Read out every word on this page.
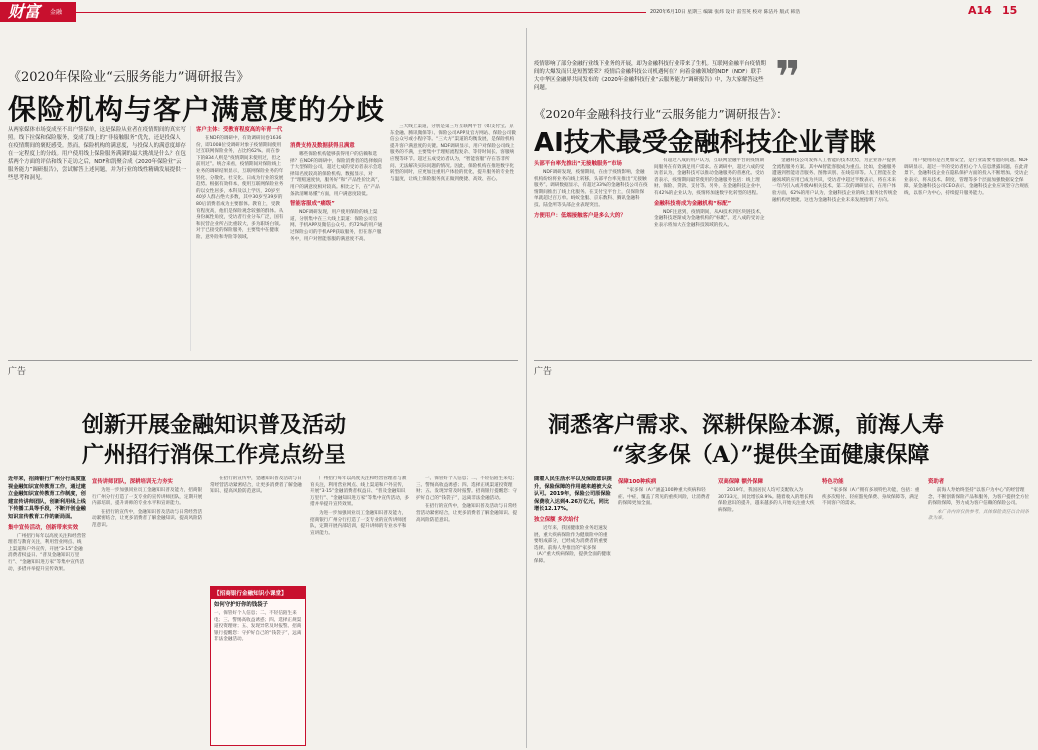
财富 金融	2020年6月10日 星期三 编辑 张炜 设计 雷雪英 校对 陈洁丹 版式 韩浩	A14 15
《2020年保险业“云服务能力”调研报告》
保险机构与客户满意度的分歧
从两家媒体市场变成至不出户签保单，这是保险从业者在疫情期间的真实写照。线下拉保和保险服务，变成了线上的“非接触服务”优先，还是投保人在疫情期间的褒贬感受。然而，保险机构的满意度，与投保人的满意度却存在一定程度上的分歧。用户使用线上保险服务满满的最大挑战是什么？在包括两个方面的评估和线下走访之后，NDF和凯聚合成《2020年保险业“云服务能力”调研报告》，尝试解答上述问题，并为行业的线性精确发展提供一些思考和洞见。
客户主体：受教育程度高的年青一代

在NDF的调研中，有效调研问卷1636份，即1008位受调研对象子疫情期间使用过互联网保险业务，占比约62%。而在参下的834人则是“疫情期间未使用过，但之前用过”。统合来看，疫情期间对保险线上业务的调研结果显示，互联网保险业务的年轻化、分散化、社交化、日成为行业的发展趋势。根据有效样本，使用互联网保险业务的以女性居多，本科及以上学历，20岁至40岁人群占绝大多数，其中30岁至39岁的80后消费者成为主要群体。教育上，受教育程度高，他们是保险观念较强的群体。从身份属性角度，受访者行业分布广泛，国有和民营企业所占比重较大，多为职场白领。对于已接受的保险服务，主要集中在健康险、意外险和寿险等领域。

消费支持及数据获得且满意

哪些保险机构能够获得用户的信赖和选择？在NDF的调研中，保险消费者的选择倾向于大型保险公司，超过七成的受访者表示会选择知名度较高的保险机构。数据显示，对于“理赔速度快，服务好”和“产品性价比高”，用户的满意度相对较高。相比之下，在“产品条款清晰易懂”方面，用户满意度较低。

智能客服成“痛级”

NDF调研发现，用户使用保险的线上渠道，分别集中在三大线上渠道：保险公司官网、手机APP及微信公众号。约72%的用户通过保险公司的手机APP获取服务，但在客户服务中，用户对智能客服的满意度不高。

三大线上渠道，分别是第三方互联网平台（如支付宝、京东金融、腾讯微保等）、保险公司APP及官方网站、保险公司微信公众号或小程序等。“三大方”渠道的均衡发展，是保险机构提升客户满意度的关键。NDF调研显示，用户对保险公司线上服务的不满，主要集中于理赔流程复杂、等待时间长、客服响应慢等环节。超过五成受访者认为，“智能客服”存在答非所问、无法解决实际问题的情况。因此，保险机构在推进数字化转型的同时，应更加注重用户体验的优化，提升服务的专业性与温度，让线上保险服务真正做到便捷、高效、省心。

❞
疫情影响了部分金融行业线下业务的开展，却为金融科技行业带来了生机。互联网金融平台疫情期间的大爆发而只是短暂繁荣？疫情后金融科技公司机遇何在？向着金融领域的NDF（NDF）联手大中华区金融界共同发布的《2020年金融科技行业“云服务能力”调研报告》中，为大家解答这些问题。
《2020年金融科技行业“云服务能力”调研报告》：
AI技术最受金融科技企业青睐
头部平台率先推出“无接触服务”市场

NDF调研发现，疫情期间，在由于疫情影响，金融机构纷纷将业务向线上转移，头部平台率先推出“无接触服务”。调研数据显示，有超过33%的金融科技公司在疫情期间推出了线上化服务。在支付宝平台上，仅保险保单就超过百万单。蚂蚁金服、京东数科、腾讯金融科技、陆金所等头部企业表现突出。

方便用户：低端接触客户是多么大的？

有超过八成的用户认为，互联网金融平台的疫情期间服务在有效满足用户需求。在调研中，超过六成的受访者认为，金融科技可以推动金融服务的普惠化。受访者表示，疫情期间最常使用的金融服务包括：线上理财、保险、贷款、支付等。另外，在金融科技企业中，有42%的企业认为，疫情将加速数字化转型的进程。

金融科技将成为金融机构“标配”

NDF注意到，疫情期间，从AI技术到区块链技术，金融科技逐渐成为金融机构的“标配”。近八成的受访企业表示将加大在金融科技领域的投入。

金融科技公司发挥人工智能的技术优势，为企业客户提供全流程服务方案。其中AI智能客服成为重点。比如，金融服务遭遇到智能语音服务、图像识别、在线信审等。人工智能在金融领域的应用已成为共识，受访者中超过半数表示，将在未来一年内引入或升级AI相关技术。第二次的调研显示，在用户体验方面，62%的用户认为，金融科技企业的线上服务比传统金融机构更便捷。这也为金融科技企业未来发展指明了方向。

用户使用的是否更加安全，是行业需要考虑的问题。NDF调研显示，超过一半的受访者担心个人信息泄露问题。在此背景下，金融科技企业在隐私保护方面的投入不断增加。受访企业表示，将从技术、制度、管理等多个层面加强数据安全保障。某金融科技公司CEO表示，金融科技企业应该坚守合规底线，以客户为中心，持续提升服务能力。

广告
创新开展金融知识普及活动
广州招行消保工作亮点纷呈

近年来，招商银行广州分行高度重视金融知识宣传教育工作，通过建立金融知识宣传教育工作制度，创建宣传讲师团队，创新利用线上线下传播工具等手段，不断开创金融知识宣传教育工作的新局面。

集中宣传活动，创新带来实效

广州招行每年以高度关注和经营管理者与教育关注，利用营业网点、线上渠道和户外宣传，开展“3·15”金融消费者权益日、“普及金融知识万里行”、“金融知识进万家”等集中宣传活动，多措并举提升宣传效果。

宣传讲师团队，深耕培训无力夯实

为进一步加强同业员工金融知识普及能力，招商银行广州分行打造了一支专业的宣传讲师团队，定期开展内部培训，提升讲师的专业水平和宣讲能力。

在招行的宣传中，金融知识普及活动与日常经营活动紧密结合，让更多消费者了解金融知识、提高风险防范意识。

【招商银行金融知识小课堂】
如何守护好你的钱袋子
一、保管好个人信息；二、不轻信陌生来电；三、警惕高收益诱惑；四、选择正规渠道投资理财；五、发现异常及时报警。招商银行提醒您：守护好自己的“钱袋子”，远离非法金融活动。

在招行的宣传中，金融知识普及活动与日常经营活动紧密结合，让更多消费者了解金融知识、提高风险防范意识。

广州招行每年以高度关注和经营管理者与教育关注，利用营业网点、线上渠道和户外宣传，开展“3·15”金融消费者权益日、“普及金融知识万里行”、“金融知识进万家”等集中宣传活动，多措并举提升宣传效果。

为进一步加强同业员工金融知识普及能力，招商银行广州分行打造了一支专业的宣传讲师团队，定期开展内部培训，提升讲师的专业水平和宣讲能力。

一、保管好个人信息；二、不轻信陌生来电；三、警惕高收益诱惑；四、选择正规渠道投资理财；五、发现异常及时报警。招商银行提醒您：守护好自己的“钱袋子”，远离非法金融活动。

在招行的宣传中，金融知识普及活动与日常经营活动紧密结合，让更多消费者了解金融知识、提高风险防范意识。

广告
洞悉客户需求、深耕保险本源，前海人寿
“家多保（A）”提供全面健康保障

随着人民生活水平以及保险意识提升，保险保障的作用越来越被大众认可。2019年，保险公司原保险保费收入达到4.26万亿元，同比增长12.17%。

独立保额 多次给付

近年来，我国健康险业务迅速发展，重大疾病保险作为健康险中的重要组成部分，已经成为消费者的重要选择。前海人寿推出的“家多保（A）”重大疾病保险，提供全面的健康保障。

保障100种疾病

“家多保（A）”涵盖100种重大疾病和轻症、中症，覆盖了常见的重疾风险，让消费者的保障更加全面。

双高保障 额外保障

2019年，我国居民人均可支配收入为30733元，同比增长8.9%。随着收入的增长和保险意识的提升，越来越多的人开始关注重大疾病保险。

特色功能

“家多保（A）”拥有多项特色功能，包括：重疾多次赔付、轻症豁免保费、身故保障等，满足不同客户的需求。

资助者

前海人寿始终坚持“以客户为中心”的经营理念，不断创新保险产品和服务，为客户提供全方位的保险保障，努力成为客户信赖的保险公司。

本广告内容仅供参考，具体保险责任以合同条款为准。
